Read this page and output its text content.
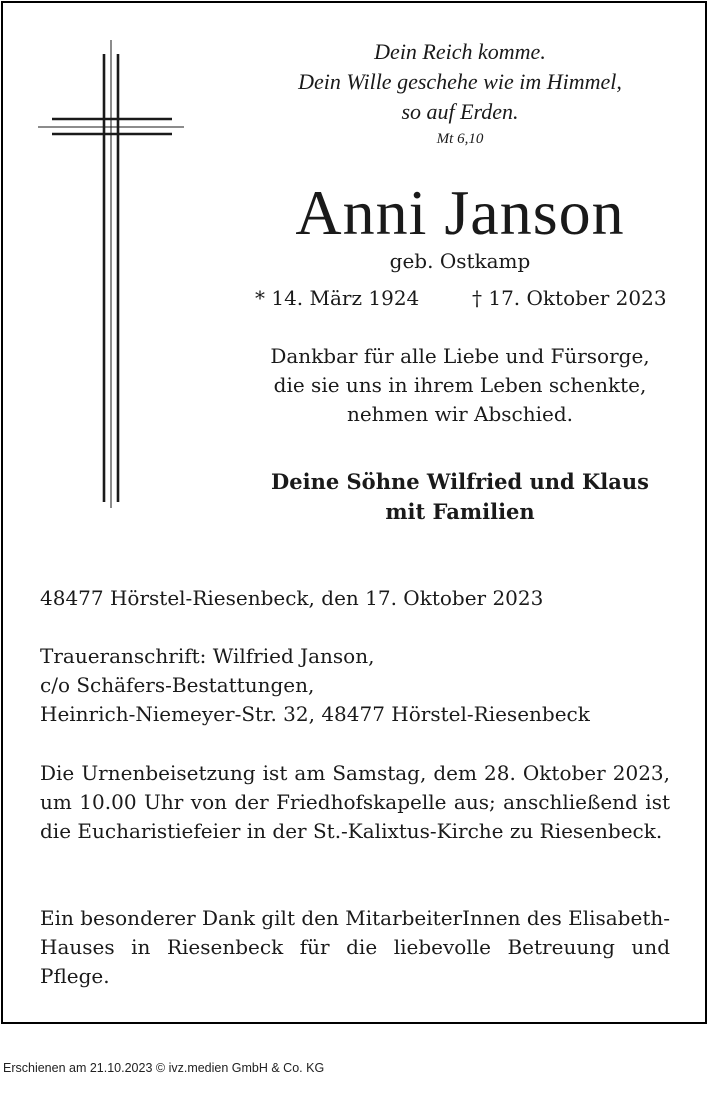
Dein Reich komme.
Dein Wille geschehe wie im Himmel,
so auf Erden.
Mt 6,10
Anni Janson
geb. Ostkamp
* 14. März 1924	† 17. Oktober 2023
Dankbar für alle Liebe und Fürsorge,
die sie uns in ihrem Leben schenkte,
nehmen wir Abschied.
Deine Söhne Wilfried und Klaus
mit Familien
48477 Hörstel-Riesenbeck, den 17. Oktober 2023
Traueranschrift: Wilfried Janson,
c/o Schäfers-Bestattungen,
Heinrich-Niemeyer-Str. 32, 48477 Hörstel-Riesenbeck
Die Urnenbeisetzung ist am Samstag, dem 28. Oktober 2023, um 10.00 Uhr von der Friedhofskapelle aus; anschließend ist die Eucharistiefeier in der St.-Kalixtus-Kirche zu Riesenbeck.
Ein besonderer Dank gilt den MitarbeiterInnen des Elisabeth-Hauses in Riesenbeck für die liebevolle Betreuung und Pflege.
Erschienen am 21.10.2023 © ivz.medien GmbH & Co. KG
